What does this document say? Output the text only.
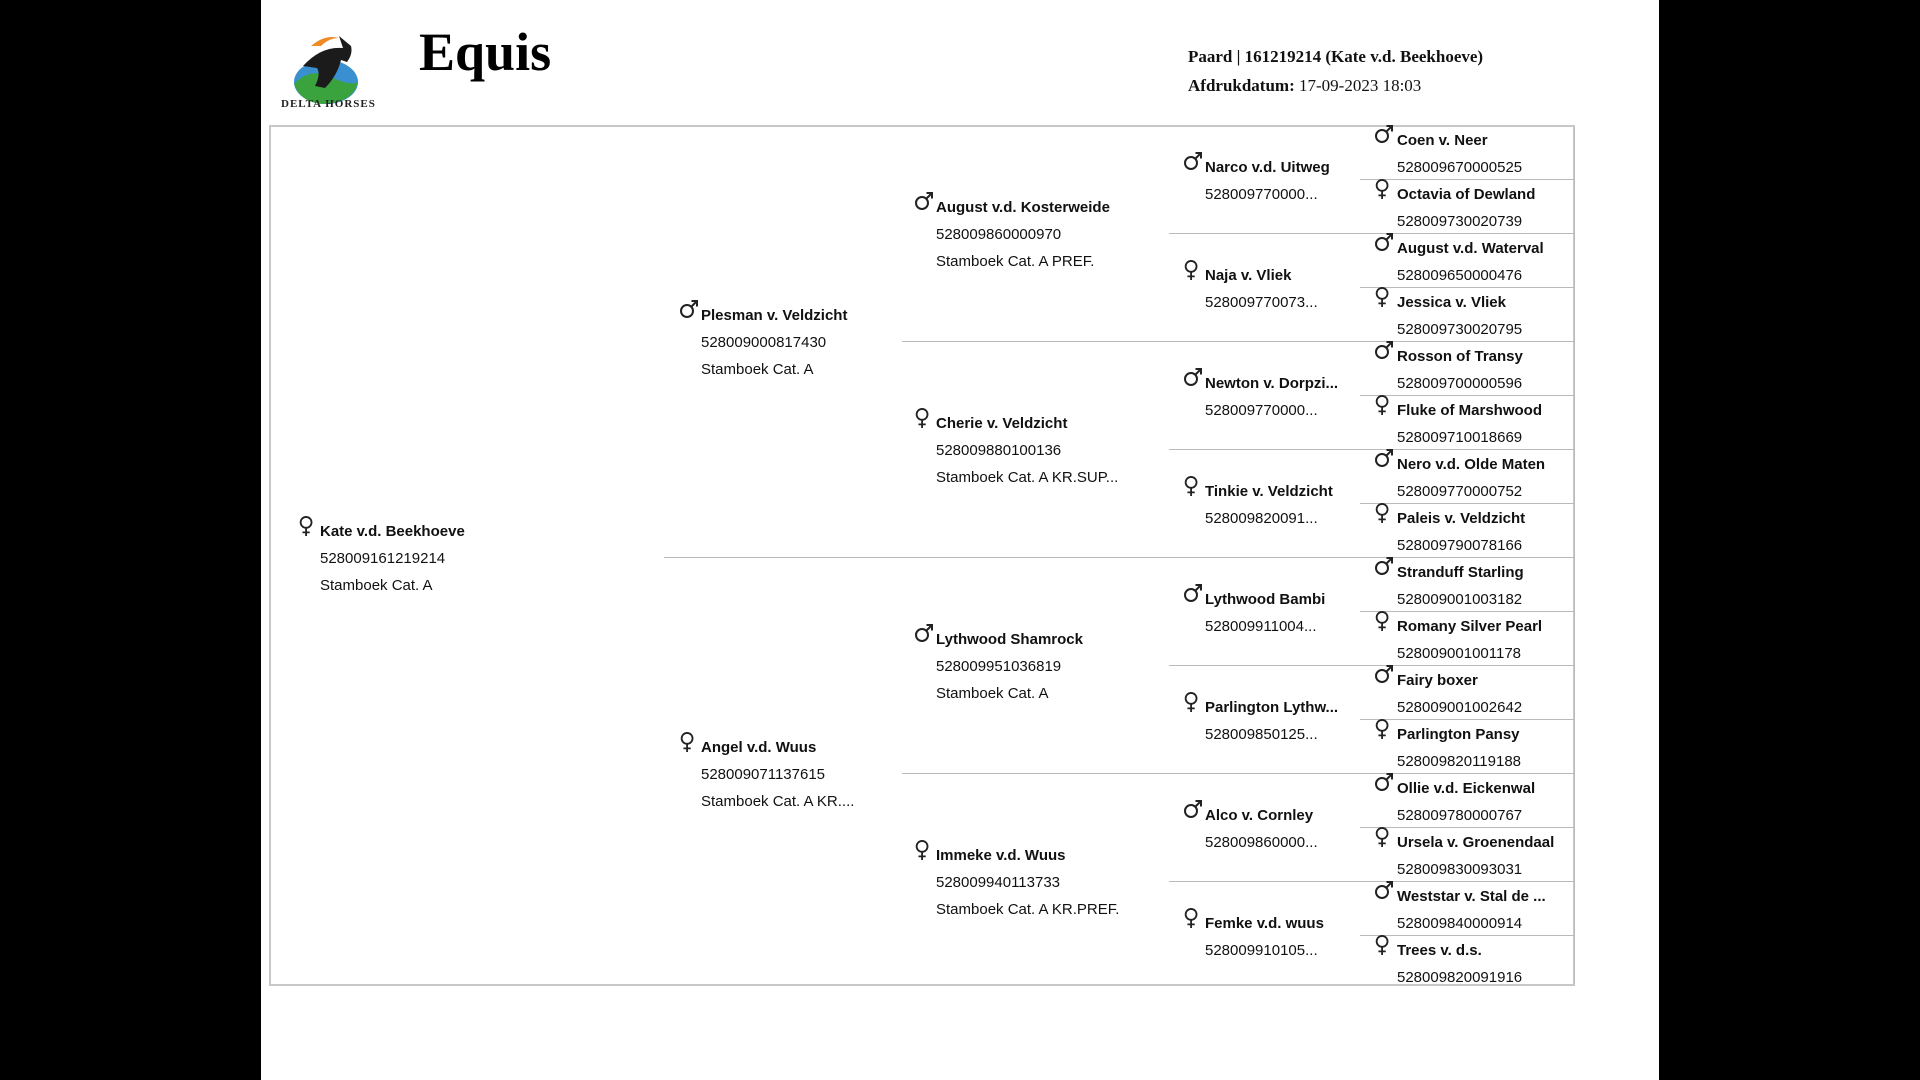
DELTA HORSES
Equis	Paard | 161219214 (Kate v.d. Beekhoeve)
Afdrukdatum: 17-09-2023 18:03
Kate v.d. Beekhoeve
528009161219214
Stamboek Cat. A
Plesman v. Veldzicht
528009000817430
Stamboek Cat. A
Angel v.d. Wuus
528009071137615
Stamboek Cat. A KR....
August v.d. Kosterweide
528009860000970
Stamboek Cat. A PREF.
Cherie v. Veldzicht
528009880100136
Stamboek Cat. A KR.SUP...
Lythwood Shamrock
528009951036819
Stamboek Cat. A
Immeke v.d. Wuus
528009940113733
Stamboek Cat. A KR.PREF.
Narco v.d. Uitweg
528009770000...
Naja v. Vliek
528009770073...
Newton v. Dorpzi...
528009770000...
Tinkie v. Veldzicht
528009820091...
Lythwood Bambi
528009911004...
Parlington Lythw...
528009850125...
Alco v. Cornley
528009860000...
Femke v.d. wuus
528009910105...
Coen v. Neer
528009670000525
Octavia of Dewland
528009730020739
August v.d. Waterval
528009650000476
Jessica v. Vliek
528009730020795
Rosson of Transy
528009700000596
Fluke of Marshwood
528009710018669
Nero v.d. Olde Maten
528009770000752
Paleis v. Veldzicht
528009790078166
Stranduff Starling
528009001003182
Romany Silver Pearl
528009001001178
Fairy boxer
528009001002642
Parlington Pansy
528009820119188
Ollie v.d. Eickenwal
528009780000767
Ursela v. Groenendaal
528009830093031
Weststar v. Stal de ...
528009840000914
Trees v. d.s.
528009820091916
